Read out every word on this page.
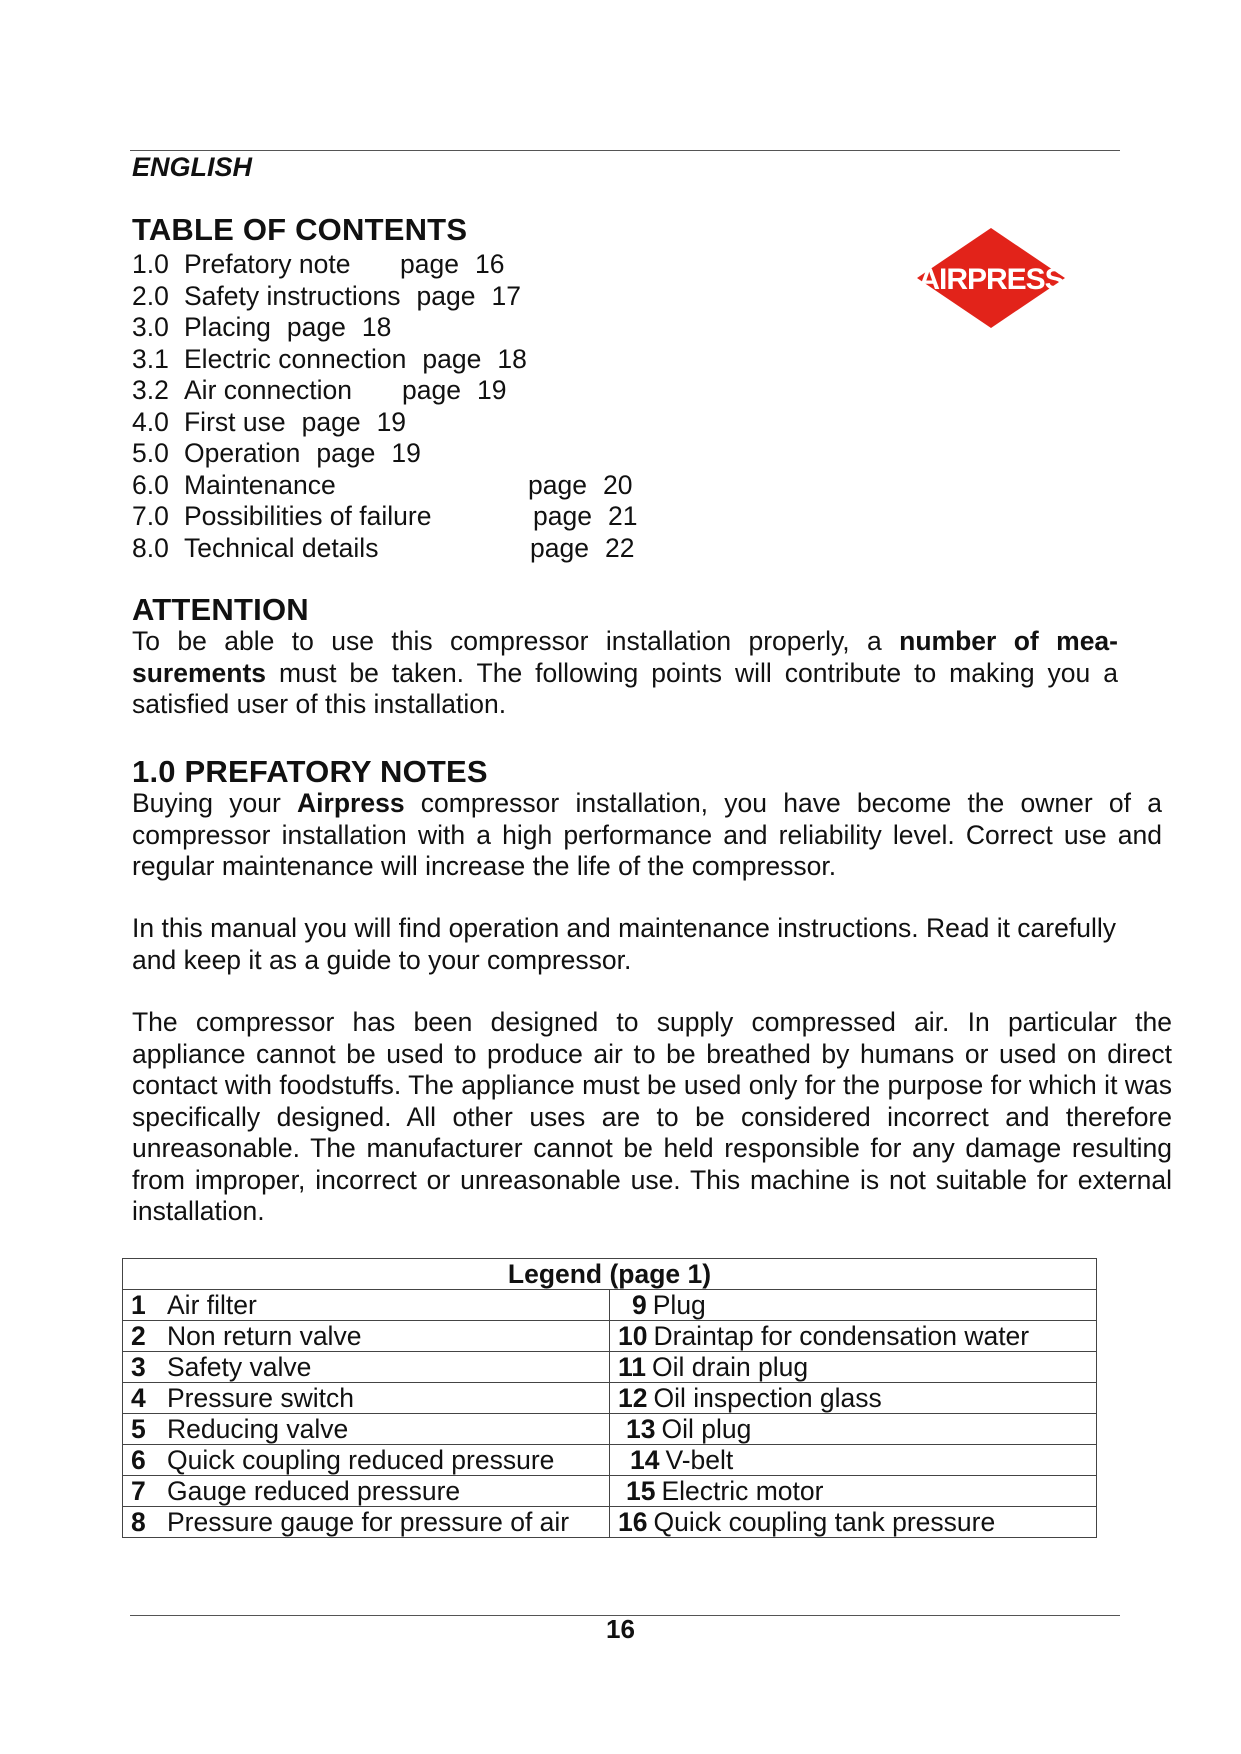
ENGLISH
TABLE OF CONTENTS
1.0 Prefatory note page 16
2.0 Safety instructions page 17
3.0 Placing page 18
3.1 Electric connection page 18
3.2 Air connection page 19
4.0 First use page 19
5.0 Operation page 19
6.0 Maintenance	page 20
7.0 Possibilities of failure	page 21
8.0 Technical details	page 22
AIRPRESS
ATTENTION

To be able to use this compressor installation properly, a number of mea-surements must be taken. The following points will contribute to making you a satisfied user of this installation.

1.0 PREFATORY NOTES

Buying your Airpress compressor installation, you have become the owner of a compressor installation with a high performance and reliability level. Correct use and regular maintenance will increase the life of the compressor.

In this manual you will find operation and maintenance instructions. Read it carefully and keep it as a guide to your compressor.

The compressor has been designed to supply compressed air. In particular the appliance cannot be used to produce air to be breathed by humans or used on direct contact with foodstuffs. The appliance must be used only for the purpose for which it was specifically designed. All other uses are to be considered incorrect and therefore unreasonable. The manufacturer cannot be held responsible for any damage resulting from improper, incorrect or unreasonable use. This machine is not suitable for external installation.

Legend (page 1)	
1 Air filter	9 Plug
2 Non return valve	10 Draintap for condensation water
3 Safety valve	11 Oil drain plug
4 Pressure switch	12 Oil inspection glass
5 Reducing valve	13 Oil plug
6 Quick coupling reduced pressure	14 V-belt
7 Gauge reduced pressure	15 Electric motor
8 Pressure gauge for pressure of air	16 Quick coupling tank pressure
16
